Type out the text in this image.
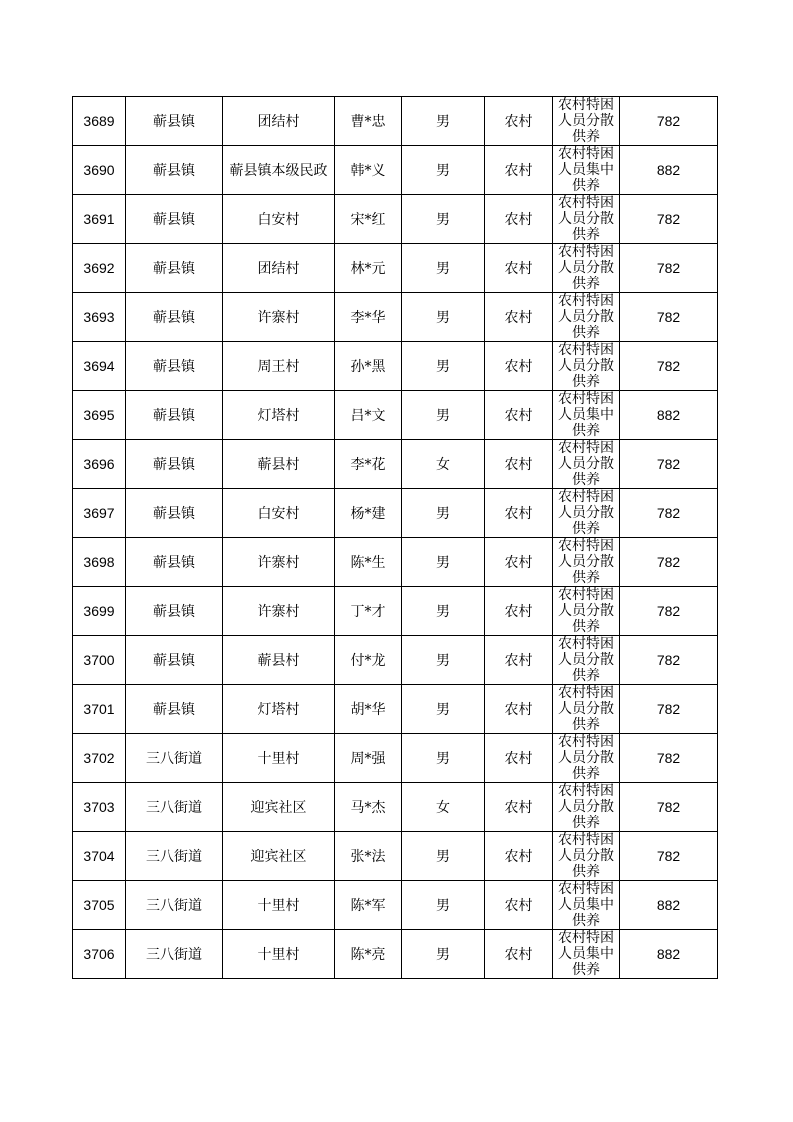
3689	蕲县镇	团结村	曹*忠	男	农村	农村特困人员分散供养	782
3690	蕲县镇	蕲县镇本级民政	韩*义	男	农村	农村特困人员集中供养	882
3691	蕲县镇	白安村	宋*红	男	农村	农村特困人员分散供养	782
3692	蕲县镇	团结村	林*元	男	农村	农村特困人员分散供养	782
3693	蕲县镇	许寨村	李*华	男	农村	农村特困人员分散供养	782
3694	蕲县镇	周王村	孙*黑	男	农村	农村特困人员分散供养	782
3695	蕲县镇	灯塔村	吕*文	男	农村	农村特困人员集中供养	882
3696	蕲县镇	蕲县村	李*花	女	农村	农村特困人员分散供养	782
3697	蕲县镇	白安村	杨*建	男	农村	农村特困人员分散供养	782
3698	蕲县镇	许寨村	陈*生	男	农村	农村特困人员分散供养	782
3699	蕲县镇	许寨村	丁*才	男	农村	农村特困人员分散供养	782
3700	蕲县镇	蕲县村	付*龙	男	农村	农村特困人员分散供养	782
3701	蕲县镇	灯塔村	胡*华	男	农村	农村特困人员分散供养	782
3702	三八街道	十里村	周*强	男	农村	农村特困人员分散供养	782
3703	三八街道	迎宾社区	马*杰	女	农村	农村特困人员分散供养	782
3704	三八街道	迎宾社区	张*法	男	农村	农村特困人员分散供养	782
3705	三八街道	十里村	陈*军	男	农村	农村特困人员集中供养	882
3706	三八街道	十里村	陈*亮	男	农村	农村特困人员集中供养	882
